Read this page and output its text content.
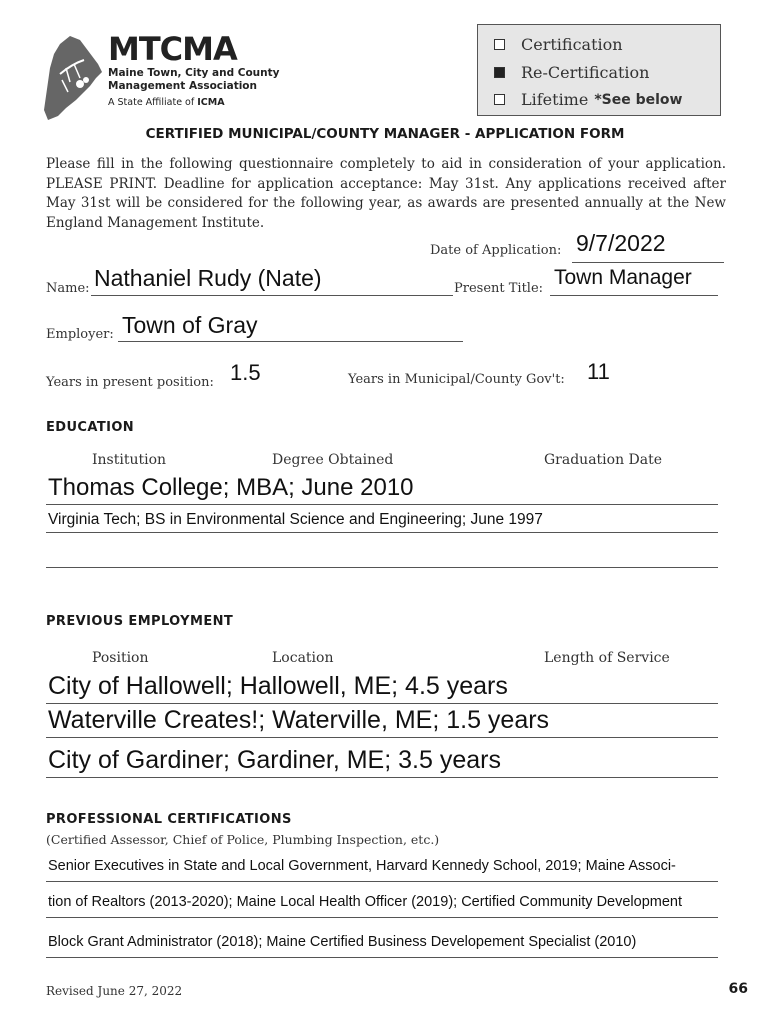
MTCMA
Maine Town, City and County
Management Association
A State Affiliate of ICMA
Certification
Re-Certification
Lifetime *See below
CERTIFIED MUNICIPAL/COUNTY MANAGER - APPLICATION FORM
Please fill in the following questionnaire completely to aid in consideration of your application. PLEASE PRINT. Deadline for application acceptance: May 31st. Any applications received after May 31st will be considered for the following year, as awards are presented annually at the New England Management Institute.
Date of Application: 9/7/2022
Name: Nathaniel Rudy (Nate)	Present Title: Town Manager
Employer: Town of Gray
Years in present position: 1.5	Years in Municipal/County Gov't: 11
EDUCATION
Institution	Degree Obtained	Graduation Date
Thomas College; MBA; June 2010
Virginia Tech; BS in Environmental Science and Engineering; June 1997
PREVIOUS EMPLOYMENT
Position	Location	Length of Service
City of Hallowell; Hallowell, ME; 4.5 years
Waterville Creates!; Waterville, ME; 1.5 years
City of Gardiner; Gardiner, ME; 3.5 years
PROFESSIONAL CERTIFICATIONS
(Certified Assessor, Chief of Police, Plumbing Inspection, etc.)
Senior Executives in State and Local Government, Harvard Kennedy School, 2019; Maine Associ-
tion of Realtors (2013-2020); Maine Local Health Officer (2019); Certified Community Development
Block Grant Administrator (2018); Maine Certified Business Developement Specialist (2010)
Revised June 27, 2022	66
